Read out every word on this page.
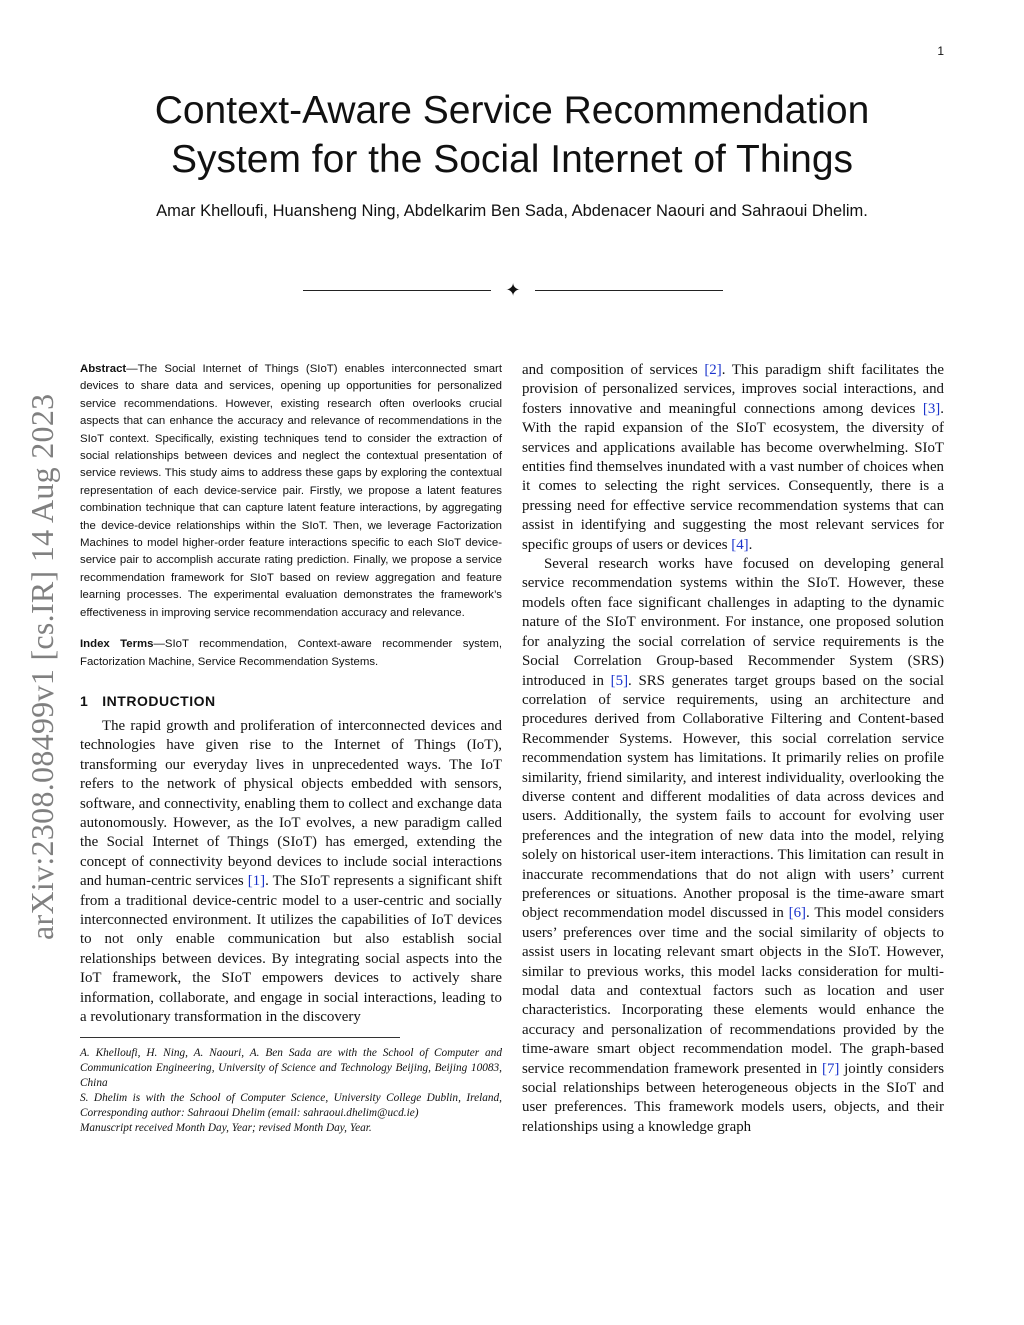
1
Context-Aware Service Recommendation
System for the Social Internet of Things
Amar Khelloufi, Huansheng Ning, Abdelkarim Ben Sada, Abdenacer Naouri and Sahraoui Dhelim.
✦
arXiv:2308.08499v1 [cs.IR] 14 Aug 2023

Abstract—The Social Internet of Things (SIoT) enables interconnected smart devices to share data and services, opening up opportunities for personalized service recommendations. However, existing research often overlooks crucial aspects that can enhance the accuracy and relevance of recommendations in the SIoT context. Specifically, existing techniques tend to consider the extraction of social relationships between devices and neglect the contextual presentation of service reviews. This study aims to address these gaps by exploring the contextual representation of each device-service pair. Firstly, we propose a latent features combination technique that can capture latent feature interactions, by aggregating the device-device relationships within the SIoT. Then, we leverage Factorization Machines to model higher-order feature interactions specific to each SIoT device-service pair to accomplish accurate rating prediction. Finally, we propose a service recommendation framework for SIoT based on review aggregation and feature learning processes. The experimental evaluation demonstrates the framework’s effectiveness in improving service recommendation accuracy and relevance.

Index Terms—SIoT recommendation, Context-aware recommender system, Factorization Machine, Service Recommendation Systems.

1 INTRODUCTION

The rapid growth and proliferation of interconnected devices and technologies have given rise to the Internet of Things (IoT), transforming our everyday lives in unprecedented ways. The IoT refers to the network of physical objects embedded with sensors, software, and connectivity, enabling them to collect and exchange data autonomously. However, as the IoT evolves, a new paradigm called the Social Internet of Things (SIoT) has emerged, extending the concept of connectivity beyond devices to include social interactions and human-centric services [1]. The SIoT represents a significant shift from a traditional device-centric model to a user-centric and socially interconnected environment. It utilizes the capabilities of IoT devices to not only enable communication but also establish social relationships between devices. By integrating social aspects into the IoT framework, the SIoT empowers devices to actively share information, collaborate, and engage in social interactions, leading to a revolutionary transformation in the discovery

A. Khelloufi, H. Ning, A. Naouri, A. Ben Sada are with the School of Computer and Communication Engineering, University of Science and Technology Beijing, Beijing 10083, China

S. Dhelim is with the School of Computer Science, University College Dublin, Ireland, Corresponding author: Sahraoui Dhelim (email: sahraoui.dhelim@ucd.ie)

Manuscript received Month Day, Year; revised Month Day, Year.

and composition of services [2]. This paradigm shift facilitates the provision of personalized services, improves social interactions, and fosters innovative and meaningful connections among devices [3]. With the rapid expansion of the SIoT ecosystem, the diversity of services and applications available has become overwhelming. SIoT entities find themselves inundated with a vast number of choices when it comes to selecting the right services. Consequently, there is a pressing need for effective service recommendation systems that can assist in identifying and suggesting the most relevant services for specific groups of users or devices [4].

Several research works have focused on developing general service recommendation systems within the SIoT. However, these models often face significant challenges in adapting to the dynamic nature of the SIoT environment. For instance, one proposed solution for analyzing the social correlation of service requirements is the Social Correlation Group-based Recommender System (SRS) introduced in [5]. SRS generates target groups based on the social correlation of service requirements, using an architecture and procedures derived from Collaborative Filtering and Content-based Recommender Systems. However, this social correlation service recommendation system has limitations. It primarily relies on profile similarity, friend similarity, and interest individuality, overlooking the diverse content and different modalities of data across devices and users. Additionally, the system fails to account for evolving user preferences and the integration of new data into the model, relying solely on historical user-item interactions. This limitation can result in inaccurate recommendations that do not align with users’ current preferences or situations. Another proposal is the time-aware smart object recommendation model discussed in [6]. This model considers users’ preferences over time and the social similarity of objects to assist users in locating relevant smart objects in the SIoT. However, similar to previous works, this model lacks consideration for multi-modal data and contextual factors such as location and user characteristics. Incorporating these elements would enhance the accuracy and personalization of recommendations provided by the time-aware smart object recommendation model. The graph-based service recommendation framework presented in [7] jointly considers social relationships between heterogeneous objects in the SIoT and user preferences. This framework models users, objects, and their relationships using a knowledge graph
